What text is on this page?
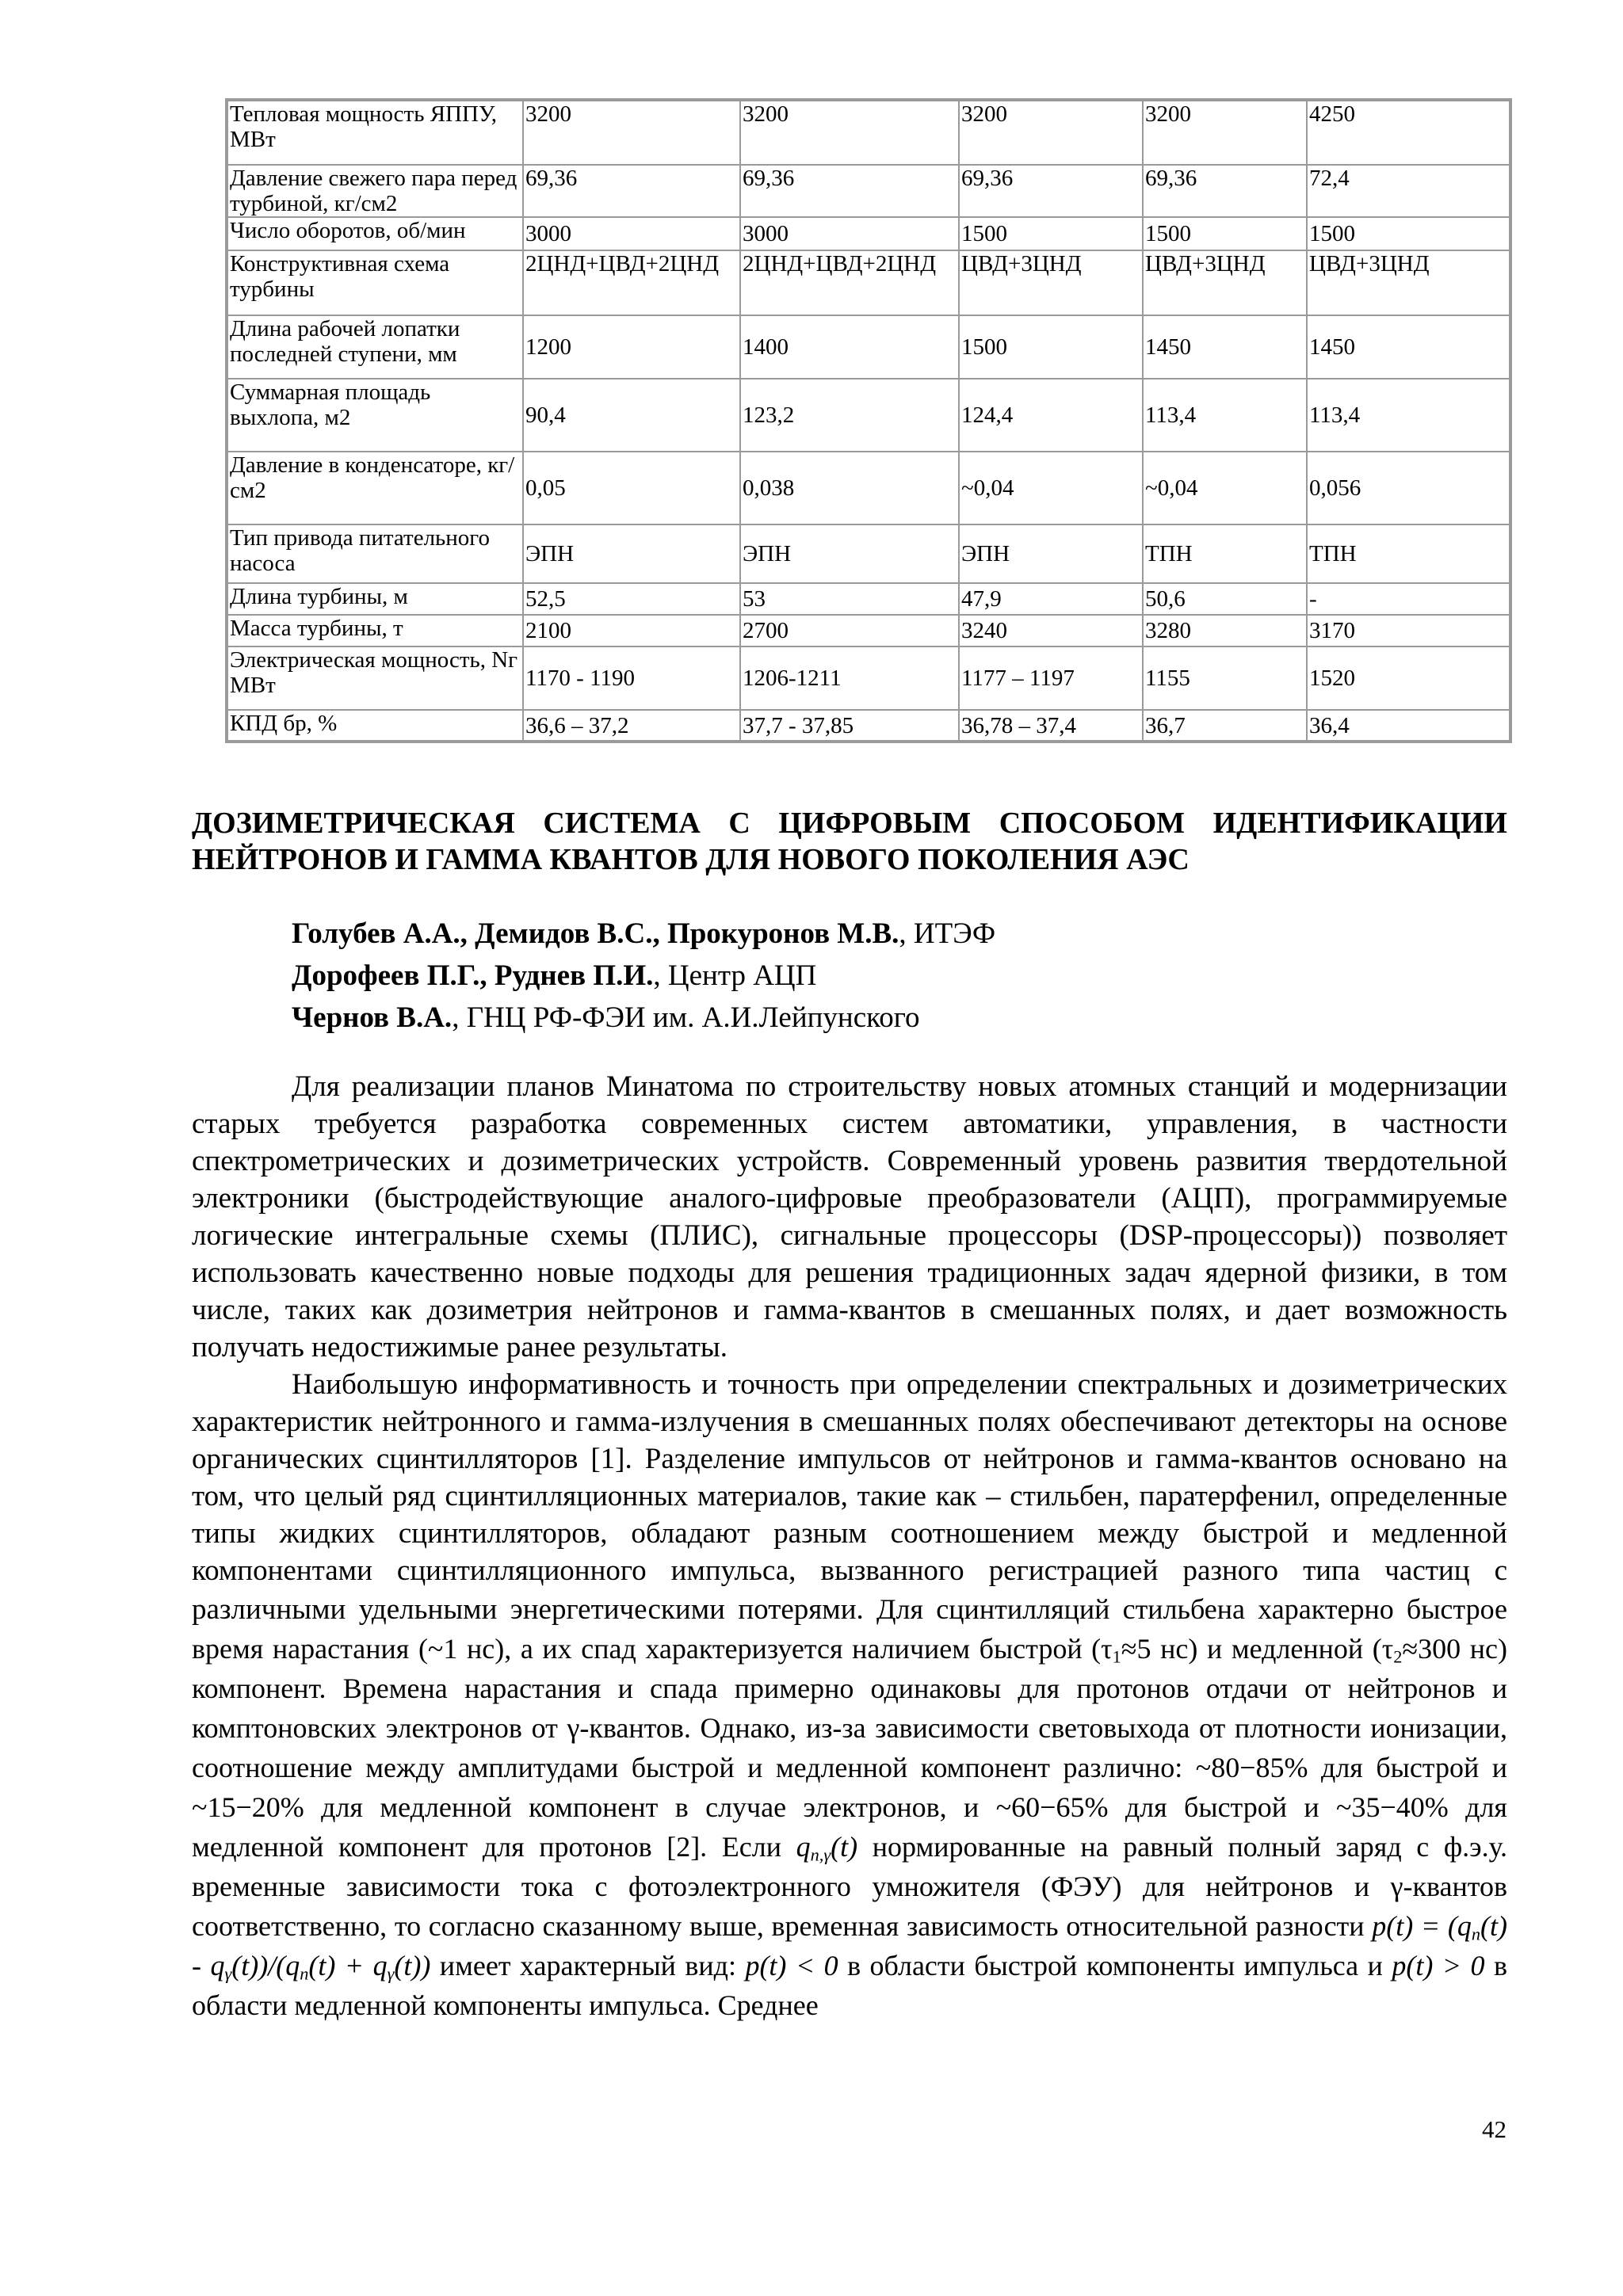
Тепловая мощность ЯППУ, МВт	3200	3200	3200	3200	4250
Давление свежего пара перед турбиной, кг/см2	69,36	69,36	69,36	69,36	72,4
Число оборотов, об/мин	3000	3000	1500	1500	1500
Конструктивная схема турбины	2ЦНД+ЦВД+2ЦНД	2ЦНД+ЦВД+2ЦНД	ЦВД+3ЦНД	ЦВД+3ЦНД	ЦВД+3ЦНД
Длина рабочей лопатки последней ступени, мм	1200	1400	1500	1450	1450
Суммарная площадь выхлопа, м2	90,4	123,2	124,4	113,4	113,4
Давление в конденсаторе, кг/см2	0,05	0,038	~0,04	~0,04	0,056
Тип привода питательного насоса	ЭПН	ЭПН	ЭПН	ТПН	ТПН
Длина турбины, м	52,5	53	47,9	50,6	-
Масса турбины, т	2100	2700	3240	3280	3170
Электрическая мощность, Nг МВт	1170 - 1190	1206-1211	1177 – 1197	1155	1520
КПД бр, %	36,6 – 37,2	37,7 - 37,85	36,78 – 37,4	36,7	36,4
ДОЗИМЕТРИЧЕСКАЯ СИСТЕМА С ЦИФРОВЫМ СПОСОБОМ ИДЕНТИФИКАЦИИ НЕЙТРОНОВ И ГАММА КВАНТОВ ДЛЯ НОВОГО ПОКОЛЕНИЯ АЭС
Голубев А.А., Демидов В.С., Прокуронов М.В., ИТЭФ
Дорофеев П.Г., Руднев П.И., Центр АЦП
Чернов В.А., ГНЦ РФ-ФЭИ им. А.И.Лейпунского

Для реализации планов Минатома по строительству новых атомных станций и модернизации старых требуется разработка современных систем автоматики, управления, в частности спектрометрических и дозиметрических устройств. Современный уровень развития твердотельной электроники (быстродействующие аналого-цифровые преобразователи (АЦП), программируемые логические интегральные схемы (ПЛИС), сигнальные процессоры (DSP-процессоры)) позволяет использовать качественно новые подходы для решения традиционных задач ядерной физики, в том числе, таких как дозиметрия нейтронов и гамма-квантов в смешанных полях, и дает возможность получать недостижимые ранее результаты.

Наибольшую информативность и точность при определении спектральных и дозиметрических характеристик нейтронного и гамма-излучения в смешанных полях обеспечивают детекторы на основе органических сцинтилляторов [1]. Разделение импульсов от нейтронов и гамма-квантов основано на том, что целый ряд сцинтилляционных материалов, такие как – стильбен, паратерфенил, определенные типы жидких сцинтилляторов, обладают разным соотношением между быстрой и медленной компонентами сцинтилляционного импульса, вызванного регистрацией разного типа частиц с различными удельными энергетическими потерями. Для сцинтилляций стильбена характерно быстрое время нарастания (~1 нс), а их спад характеризуется наличием быстрой ($\tau_1\approx 5$ нс) и медленной ($\tau_2\approx 300$ нс) компонент. Времена нарастания и спада примерно одинаковы для протонов отдачи от нейтронов и комптоновских электронов от γ-квантов. Однако, из-за зависимости световыхода от плотности ионизации, соотношение между амплитудами быстрой и медленной компонент различно: ~80−85% для быстрой и ~15−20% для медленной компонент в случае электронов, и ~60−65% для быстрой и ~35−40% для медленной компонент для протонов [2]. Если $q_{n,\gamma}(t)$ нормированные на равный полный заряд с ф.э.у. временные зависимости тока с фотоэлектронного умножителя (ФЭУ) для нейтронов и γ-квантов соответственно, то согласно сказанному выше, временная зависимость относительной разности $p(t) = (q_n(t) - q_\gamma(t))/(q_n(t) + q_\gamma(t))$ имеет характерный вид: p(t) < 0 в области быстрой компоненты импульса и p(t) > 0 в области медленной компоненты импульса. Среднее

42
